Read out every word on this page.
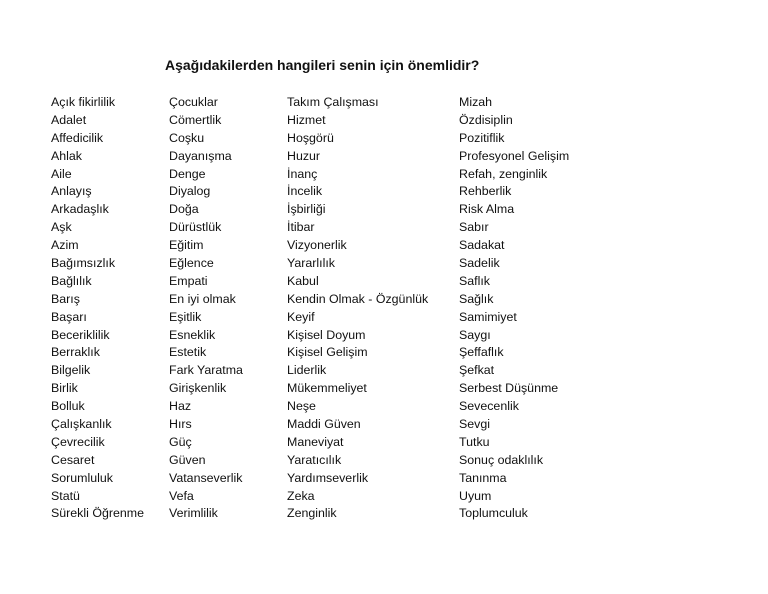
Aşağıdakilerden hangileri senin için önemlidir?
Açık fikirlilik
Adalet
Affedicilik
Ahlak
Aile
Anlayış
Arkadaşlık
Aşk
Azim
Bağımsızlık
Bağlılık
Barış
Başarı
Beceriklilik
Berraklık
Bilgelik
Birlik
Bolluk
Çalışkanlık
Çevrecilik
Cesaret
Sorumluluk
Statü
Sürekli Öğrenme
Çocuklar
Cömertlik
Coşku
Dayanışma
Denge
Diyalog
Doğa
Dürüstlük
Eğitim
Eğlence
Empati
En iyi olmak
Eşitlik
Esneklik
Estetik
Fark Yaratma
Girişkenlik
Haz
Hırs
Güç
Güven
Vatanseverlik
Vefa
Verimlilik
Takım Çalışması
Hizmet
Hoşgörü
Huzur
İnanç
İncelik
İşbirliği
İtibar
Vizyonerlik
Yararlılık
Kabul
Kendin Olmak - Özgünlük
Keyif
Kişisel Doyum
Kişisel Gelişim
Liderlik
Mükemmeliyet
Neşe
Maddi Güven
Maneviyat
Yaratıcılık
Yardımseverlik
Zeka
Zenginlik
Mizah
Özdisiplin
Pozitiflik
Profesyonel Gelişim
Refah, zenginlik
Rehberlik
Risk Alma
Sabır
Sadakat
Sadelik
Saflık
Sağlık
Samimiyet
Saygı
Şeffaflık
Şefkat
Serbest Düşünme
Sevecenlik
Sevgi
Tutku
Sonuç odaklılık
Tanınma
Uyum
Toplumculuk
